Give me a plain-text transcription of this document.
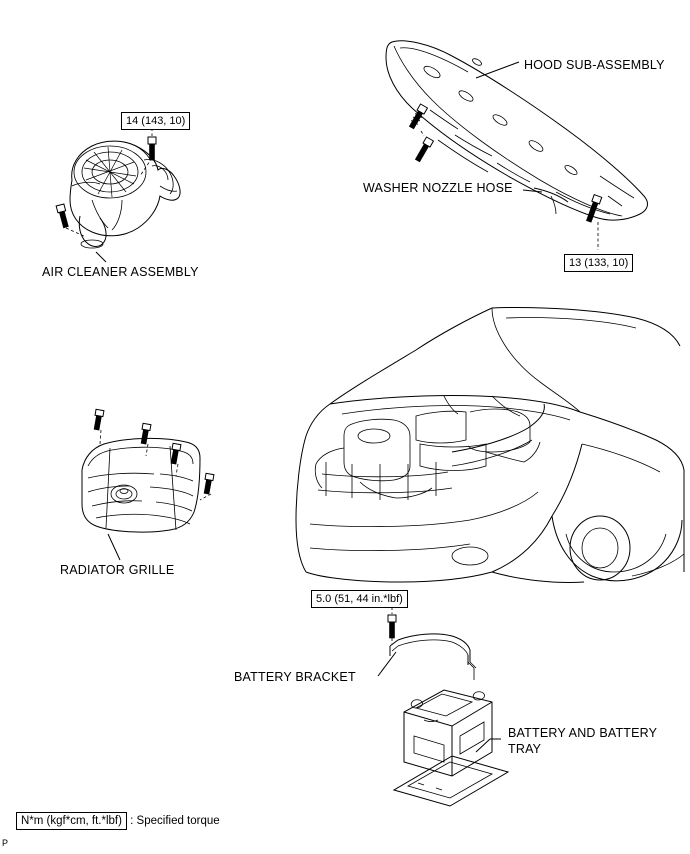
HOOD SUB-ASSEMBLY
WASHER NOZZLE HOSE
AIR CLEANER ASSEMBLY
RADIATOR GRILLE
BATTERY BRACKET
BATTERY AND BATTERY
TRAY
14 (143, 10)
13 (133, 10)
5.0 (51, 44 in.*lbf)
N*m (kgf*cm, ft.*lbf) : Specified torque
P
